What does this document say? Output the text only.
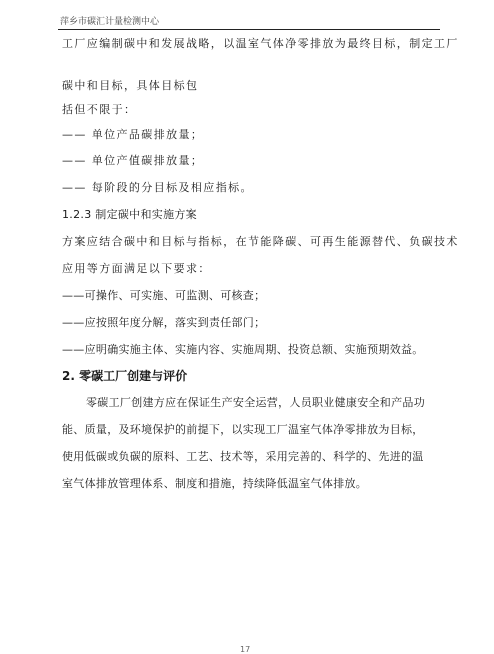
萍乡市碳汇计量检测中心
工厂应编制碳中和发展战略，以温室气体净零排放为最终目标，制定工厂
碳中和目标，具体目标包
括但不限于：
—— 单位产品碳排放量；
—— 单位产值碳排放量；
—— 每阶段的分目标及相应指标。
1.2.3 制定碳中和实施方案
方案应结合碳中和目标与指标，在节能降碳、可再生能源替代、负碳技术
应用等方面满足以下要求：
——可操作、可实施、可监测、可核查；
——应按照年度分解，落实到责任部门；
——应明确实施主体、实施内容、实施周期、投资总额、实施预期效益。
2. 零碳工厂创建与评价
零碳工厂创建方应在保证生产安全运营，人员职业健康安全和产品功
能、质量，及环境保护的前提下，以实现工厂温室气体净零排放为目标，
使用低碳或负碳的原料、工艺、技术等，采用完善的、科学的、先进的温
室气体排放管理体系、制度和措施，持续降低温室气体排放。
17
